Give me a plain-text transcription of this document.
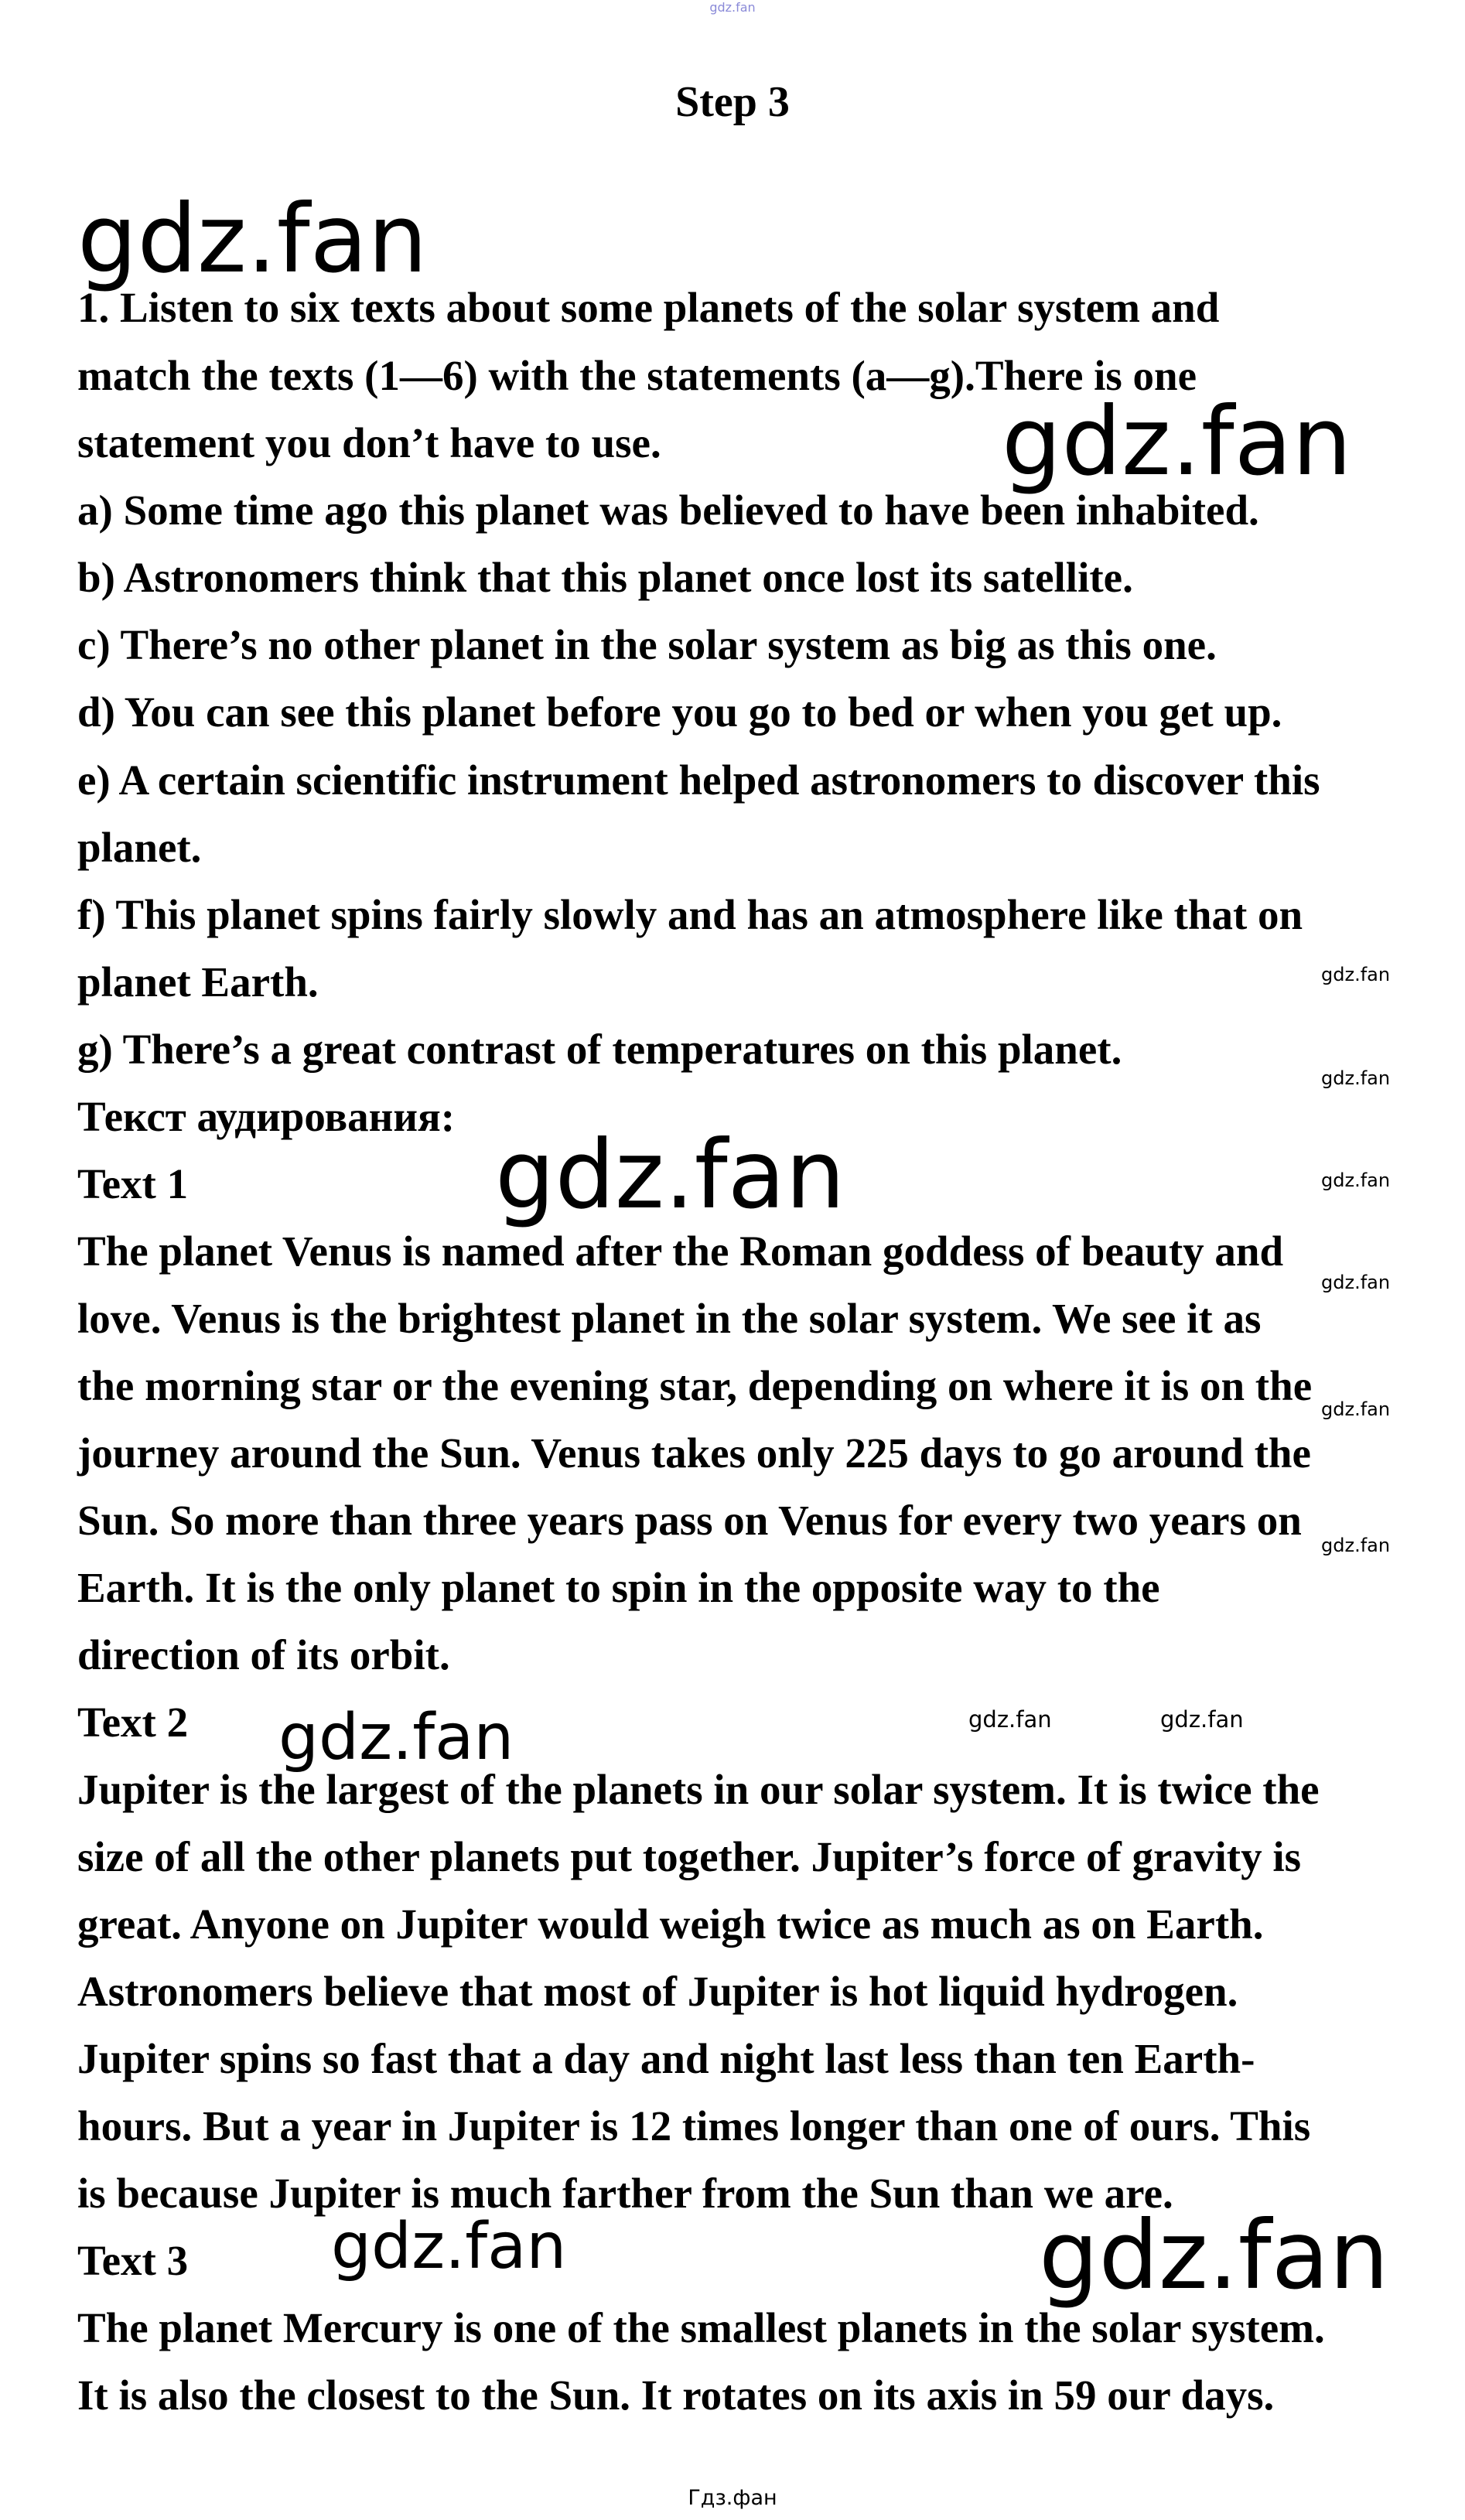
gdz.fan
Step 3
gdz.fan
gdz.fan
gdz.fan
gdz.fan
gdz.fan	gdz.fan
gdz.fan
gdz.fan
gdz.fan
gdz.fan
gdz.fan
gdz.fan
gdz.fan	gdz.fan
1. Listen to six texts about some planets of the solar system and
match the texts (1—6) with the statements (a—g).There is one
statement you don’t have to use.
a) Some time ago this planet was believed to have been inhabited.
b) Astronomers think that this planet once lost its satellite.
c) There’s no other planet in the solar system as big as this one.
d) You can see this planet before you go to bed or when you get up.
e) A certain scientific instrument helped astronomers to discover this
planet.
f) This planet spins fairly slowly and has an atmosphere like that on
planet Earth.
g) There’s a great contrast of temperatures on this planet.
Текст аудирования:
Text 1
The planet Venus is named after the Roman goddess of beauty and
love. Venus is the brightest planet in the solar system. We see it as
the morning star or the evening star, depending on where it is on the
journey around the Sun. Venus takes only 225 days to go around the
Sun. So more than three years pass on Venus for every two years on
Earth. It is the only planet to spin in the opposite way to the
direction of its orbit.
Text 2
Jupiter is the largest of the planets in our solar system. It is twice the
size of all the other planets put together. Jupiter’s force of gravity is
great. Anyone on Jupiter would weigh twice as much as on Earth.
Astronomers believe that most of Jupiter is hot liquid hydrogen.
Jupiter spins so fast that a day and night last less than ten Earth-
hours. But a year in Jupiter is 12 times longer than one of ours. This
is because Jupiter is much farther from the Sun than we are.
Text 3
The planet Mercury is one of the smallest planets in the solar system.
It is also the closest to the Sun. It rotates on its axis in 59 our days.
Гдз.фан
